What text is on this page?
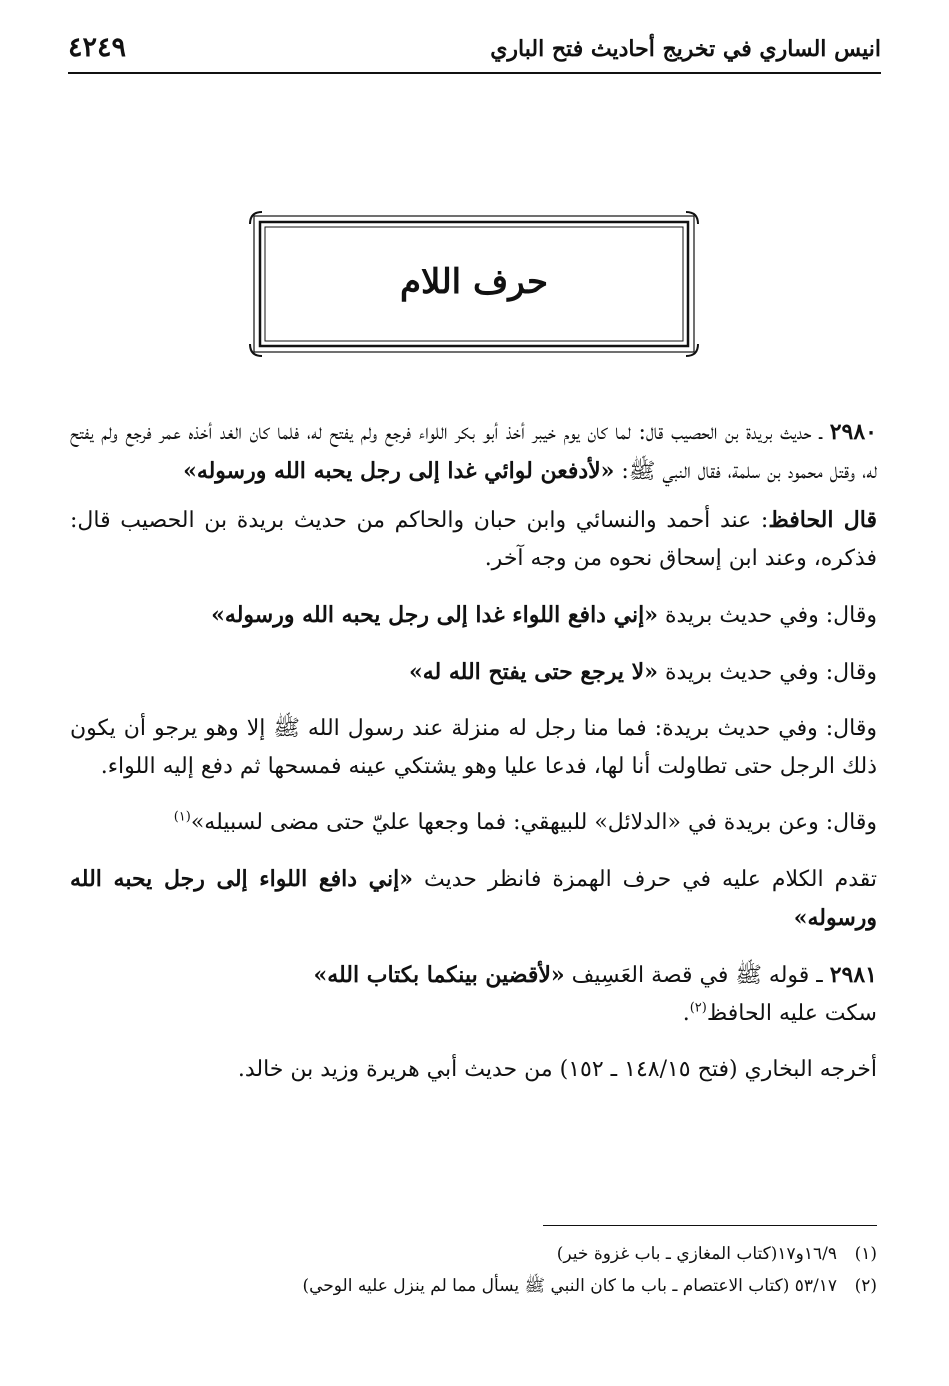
انيس الساري في تخريج أحاديث فتح الباري
٤٢٤٩
حرف اللام

٢٩٨٠ ـ حديث بريدة بن الحصيب قال: لما كان يوم خيبر أخذ أبو بكر اللواء فرجع ولم يفتح له، فلما كان الغد أخذه عمر فرجع ولم يفتح له، وقتل محمود بن سلمة، فقال النبي ﷺ: «لأدفعن لوائي غدا إلى رجل يحبه الله ورسوله»

قال الحافظ: عند أحمد والنسائي وابن حبان والحاكم من حديث بريدة بن الحصيب قال: فذكره، وعند ابن إسحاق نحوه من وجه آخر.

وقال: وفي حديث بريدة «إني دافع اللواء غدا إلى رجل يحبه الله ورسوله»

وقال: وفي حديث بريدة «لا يرجع حتى يفتح الله له»

وقال: وفي حديث بريدة: فما منا رجل له منزلة عند رسول الله ﷺ إلا وهو يرجو أن يكون ذلك الرجل حتى تطاولت أنا لها، فدعا عليا وهو يشتكي عينه فمسحها ثم دفع إليه اللواء.

وقال: وعن بريدة في «الدلائل» للبيهقي: فما وجعها عليّ حتى مضى لسبيله»$^{(١)}$

تقدم الكلام عليه في حرف الهمزة فانظر حديث «إني دافع اللواء إلى رجل يحبه الله ورسوله»

٢٩٨١ ـ قوله ﷺ في قصة العَسِيف «لأقضين بينكما بكتاب الله»

سكت عليه الحافظ$^{(٢)}$.

أخرجه البخاري (فتح ١٤٨/١٥ ـ ١٥٢) من حديث أبي هريرة وزيد بن خالد.

(١)١٦/٩و١٧(كتاب المغازي ـ باب غزوة خير)
(٢)٥٣/١٧ (كتاب الاعتصام ـ باب ما كان النبي ﷺ يسأل مما لم ينزل عليه الوحي)
